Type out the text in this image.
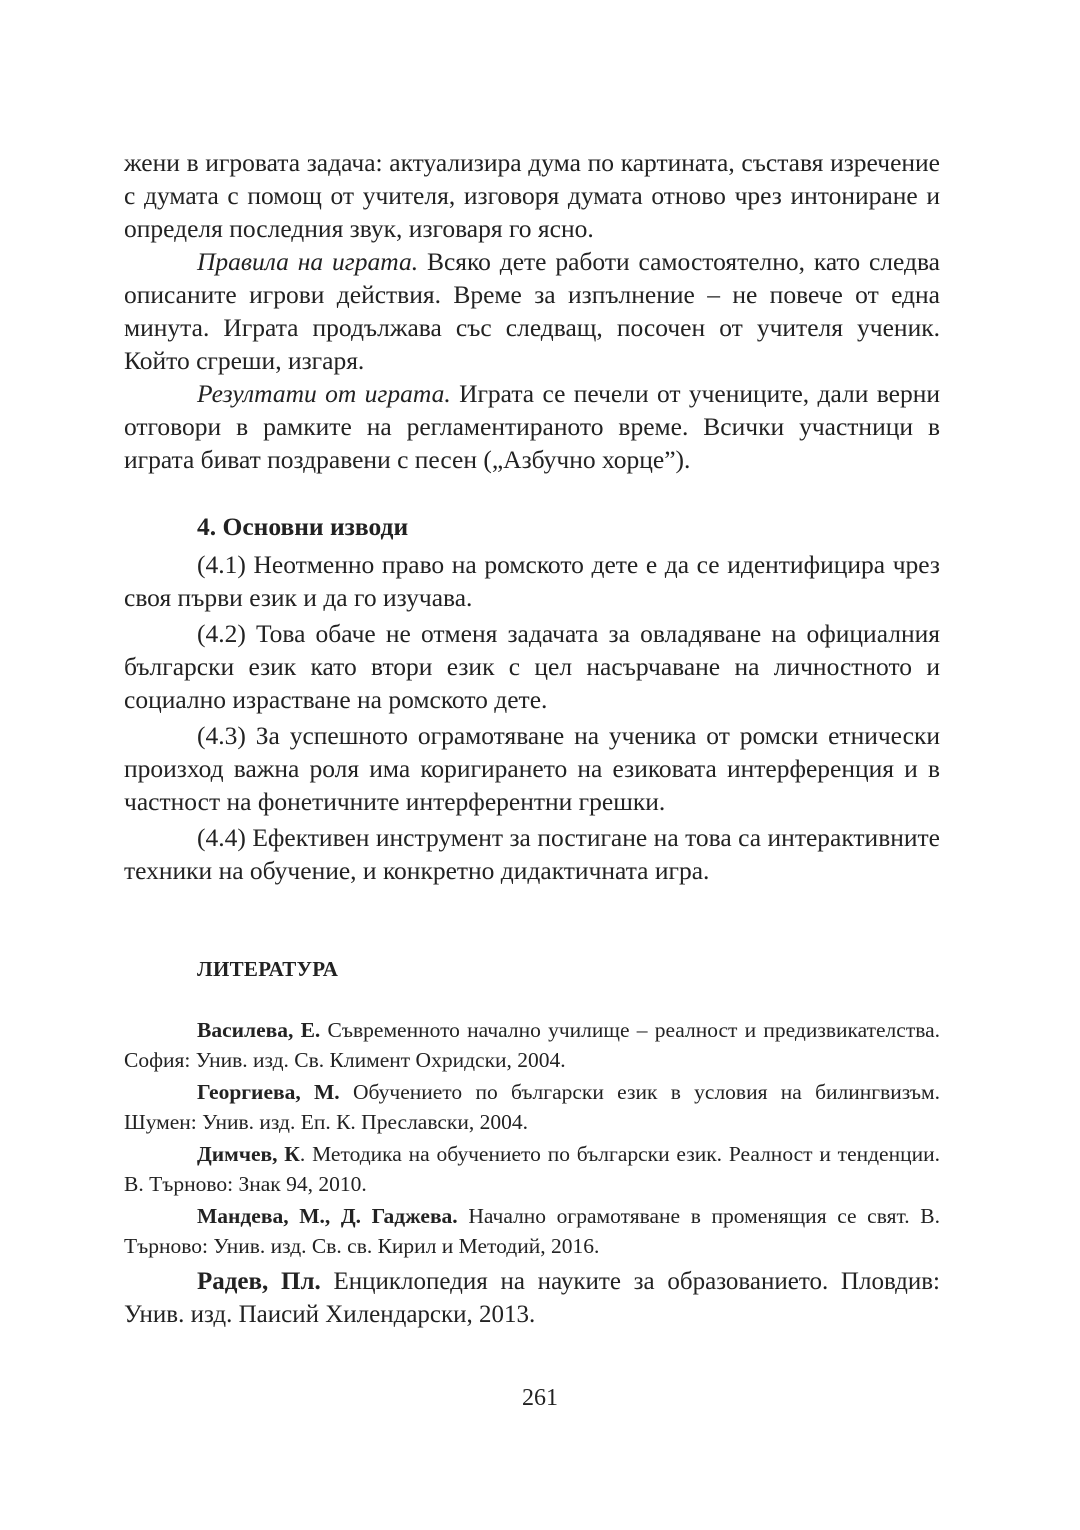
жени в игровата задача: актуализира дума по картината, съставя изречение с думата с помощ от учителя, изговоря думата отново чрез интониране и определя последния звук, изговаря го ясно.

Правила на играта. Всяко дете работи самостоятелно, като следва описаните игрови действия. Време за изпълнение – не повече от една минута. Играта продължава със следващ, посочен от учителя ученик. Който сгреши, изгаря.

Резултати от играта. Играта се печели от учениците, дали верни отговори в рамките на регламентираното време. Всички участници в играта биват поздравени с песен („Азбучно хорце”).

4. Основни изводи

(4.1) Неотменно право на ромското дете е да се идентифицира чрез своя първи език и да го изучава.

(4.2) Това обаче не отменя задачата за овладяване на официалния български език като втори език с цел насърчаване на личностното и социално израстване на ромското дете.

(4.3) За успешното ограмотяване на ученика от ромски етнически произход важна роля има коригирането на езиковата интерференция и в частност на фонетичните интерферентни грешки.

(4.4) Ефективен инструмент за постигане на това са интерактивните техники на обучение, и конкретно дидактичната игра.

ЛИТЕРАТУРА

Василева, Е. Съвременното начално училище – реалност и предизвикателства. София: Унив. изд. Св. Климент Охридски, 2004.

Георгиева, М. Обучението по български език в условия на билингвизъм. Шумен: Унив. изд. Еп. К. Преславски, 2004.

Димчев, К. Методика на обучението по български език. Реалност и тенденции. В. Търново: Знак 94, 2010.

Мандева, М., Д. Гаджева. Начално ограмотяване в променящия се свят. В. Търново: Унив. изд. Св. св. Кирил и Методий, 2016.

Радев, Пл. Енциклопедия на науките за образованието. Пловдив: Унив. изд. Паисий Хилендарски, 2013.

261
